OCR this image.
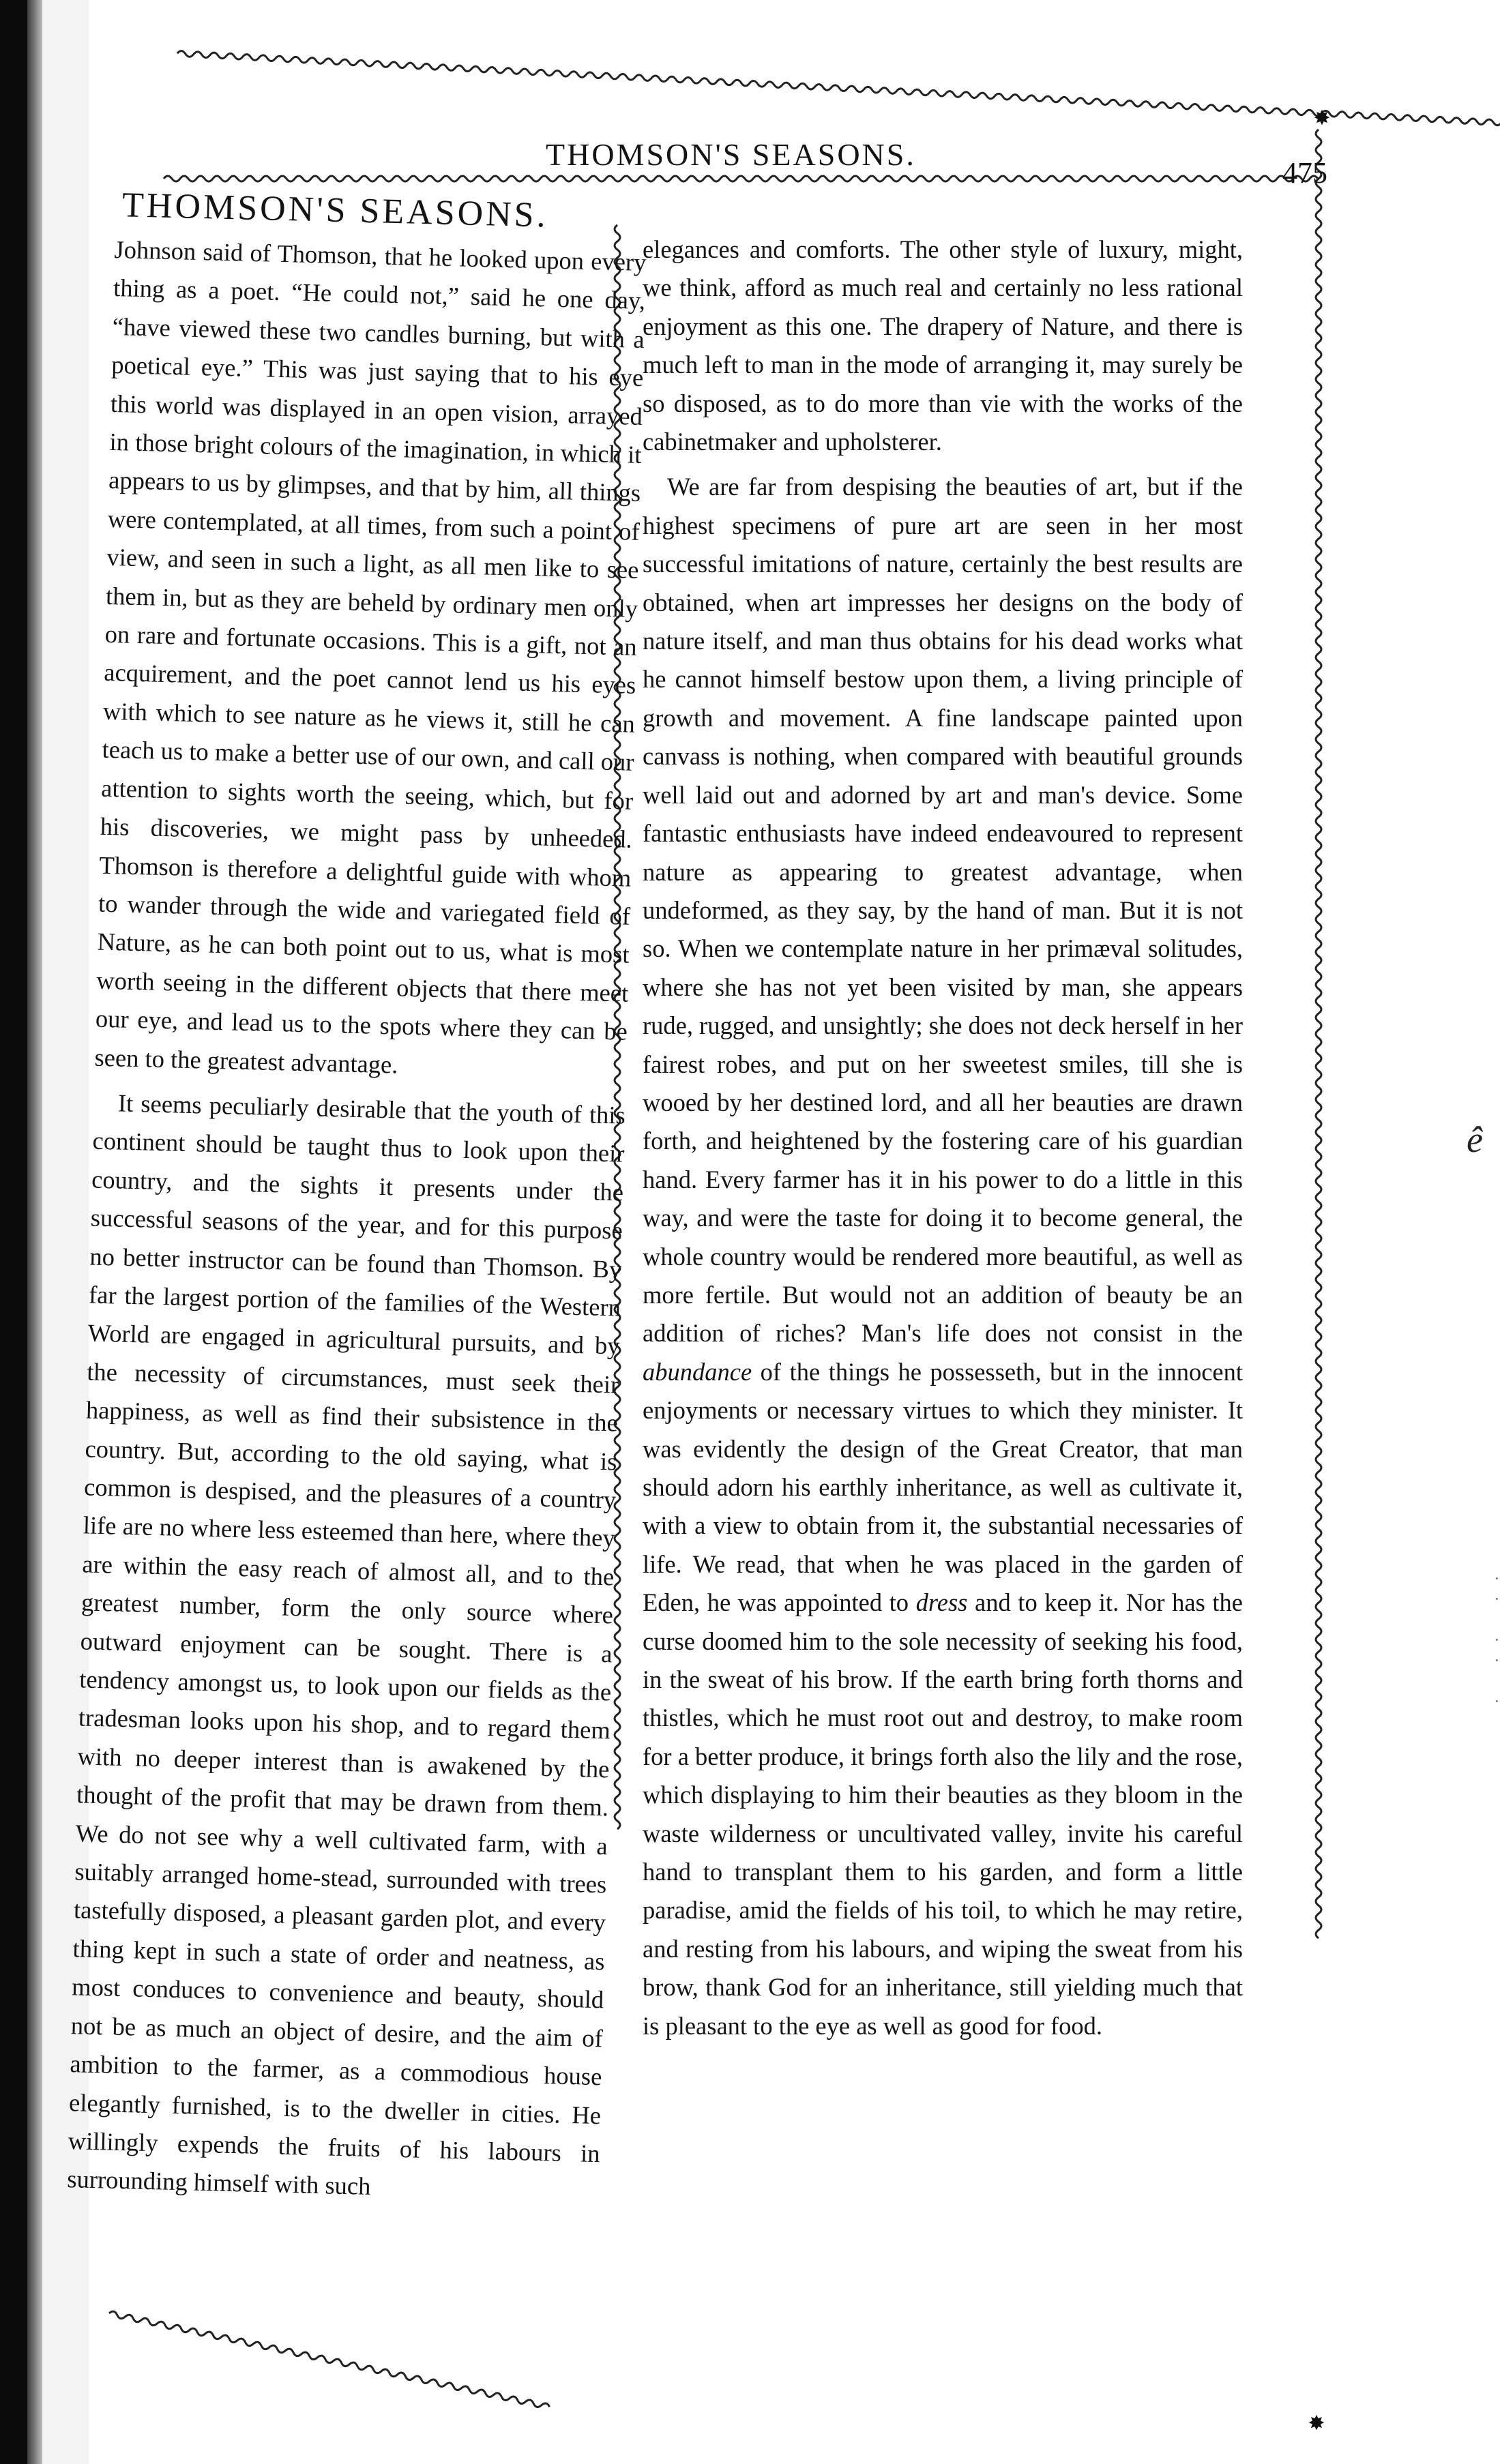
✸
✸
THOMSON'S SEASONS.
475
THOMSON'S SEASONS.

Johnson said of Thomson, that he looked upon every thing as a poet. “He could not,” said he one day, “have viewed these two candles burning, but with a poetical eye.” This was just saying that to his eye this world was displayed in an open vision, arrayed in those bright colours of the imagination, in which it appears to us by glimpses, and that by him, all things were contemplated, at all times, from such a point of view, and seen in such a light, as all men like to see them in, but as they are beheld by ordinary men only on rare and fortunate occasions. This is a gift, not an acquirement, and the poet cannot lend us his eyes with which to see nature as he views it, still he can teach us to make a better use of our own, and call our attention to sights worth the seeing, which, but for his discoveries, we might pass by unheeded. Thomson is therefore a delightful guide with whom to wander through the wide and variegated field of Nature, as he can both point out to us, what is most worth seeing in the different objects that there meet our eye, and lead us to the spots where they can be seen to the greatest advantage.

It seems peculiarly desirable that the youth of this continent should be taught thus to look upon their country, and the sights it presents under the successful seasons of the year, and for this purpose no better instructor can be found than Thomson. By far the largest portion of the families of the Western World are engaged in agricultural pursuits, and by the necessity of circumstances, must seek their happiness, as well as find their subsistence in the country. But, according to the old saying, what is common is despised, and the pleasures of a country life are no where less esteemed than here, where they are within the easy reach of almost all, and to the greatest number, form the only source where outward enjoyment can be sought. There is a tendency amongst us, to look upon our fields as the tradesman looks upon his shop, and to regard them with no deeper interest than is awakened by the thought of the profit that may be drawn from them. We do not see why a well cultivated farm, with a suitably arranged home-stead, surrounded with trees tastefully disposed, a pleasant garden plot, and every thing kept in such a state of order and neatness, as most conduces to convenience and beauty, should not be as much an object of desire, and the aim of ambition to the farmer, as a commodious house elegantly furnished, is to the dweller in cities. He willingly expends the fruits of his labours in surrounding himself with such

elegances and comforts. The other style of luxury, might, we think, afford as much real and certainly no less rational enjoyment as this one. The drapery of Nature, and there is much left to man in the mode of arranging it, may surely be so disposed, as to do more than vie with the works of the cabinetmaker and upholsterer.

We are far from despising the beauties of art, but if the highest specimens of pure art are seen in her most successful imitations of nature, certainly the best results are obtained, when art impresses her designs on the body of nature itself, and man thus obtains for his dead works what he cannot himself bestow upon them, a living principle of growth and movement. A fine landscape painted upon canvass is nothing, when compared with beautiful grounds well laid out and adorned by art and man's device. Some fantastic enthusiasts have indeed endeavoured to represent nature as appearing to greatest advantage, when undeformed, as they say, by the hand of man. But it is not so. When we contemplate nature in her primæval solitudes, where she has not yet been visited by man, she appears rude, rugged, and unsightly; she does not deck herself in her fairest robes, and put on her sweetest smiles, till she is wooed by her destined lord, and all her beauties are drawn forth, and heightened by the fostering care of his guardian hand. Every farmer has it in his power to do a little in this way, and were the taste for doing it to become general, the whole country would be rendered more beautiful, as well as more fertile. But would not an addition of beauty be an addition of riches? Man's life does not consist in the abundance of the things he possesseth, but in the innocent enjoyments or necessary virtues to which they minister. It was evidently the design of the Great Creator, that man should adorn his earthly inheritance, as well as cultivate it, with a view to obtain from it, the substantial necessaries of life. We read, that when he was placed in the garden of Eden, he was appointed to dress and to keep it. Nor has the curse doomed him to the sole necessity of seeking his food, in the sweat of his brow. If the earth bring forth thorns and thistles, which he must root out and destroy, to make room for a better produce, it brings forth also the lily and the rose, which displaying to him their beauties as they bloom in the waste wilderness or uncultivated valley, invite his careful hand to transplant them to his garden, and form a little paradise, amid the fields of his toil, to which he may retire, and resting from his labours, and wiping the sweat from his brow, thank God for an inheritance, still yielding much that is pleasant to the eye as well as good for food.

ê
·
·

·
·

·
